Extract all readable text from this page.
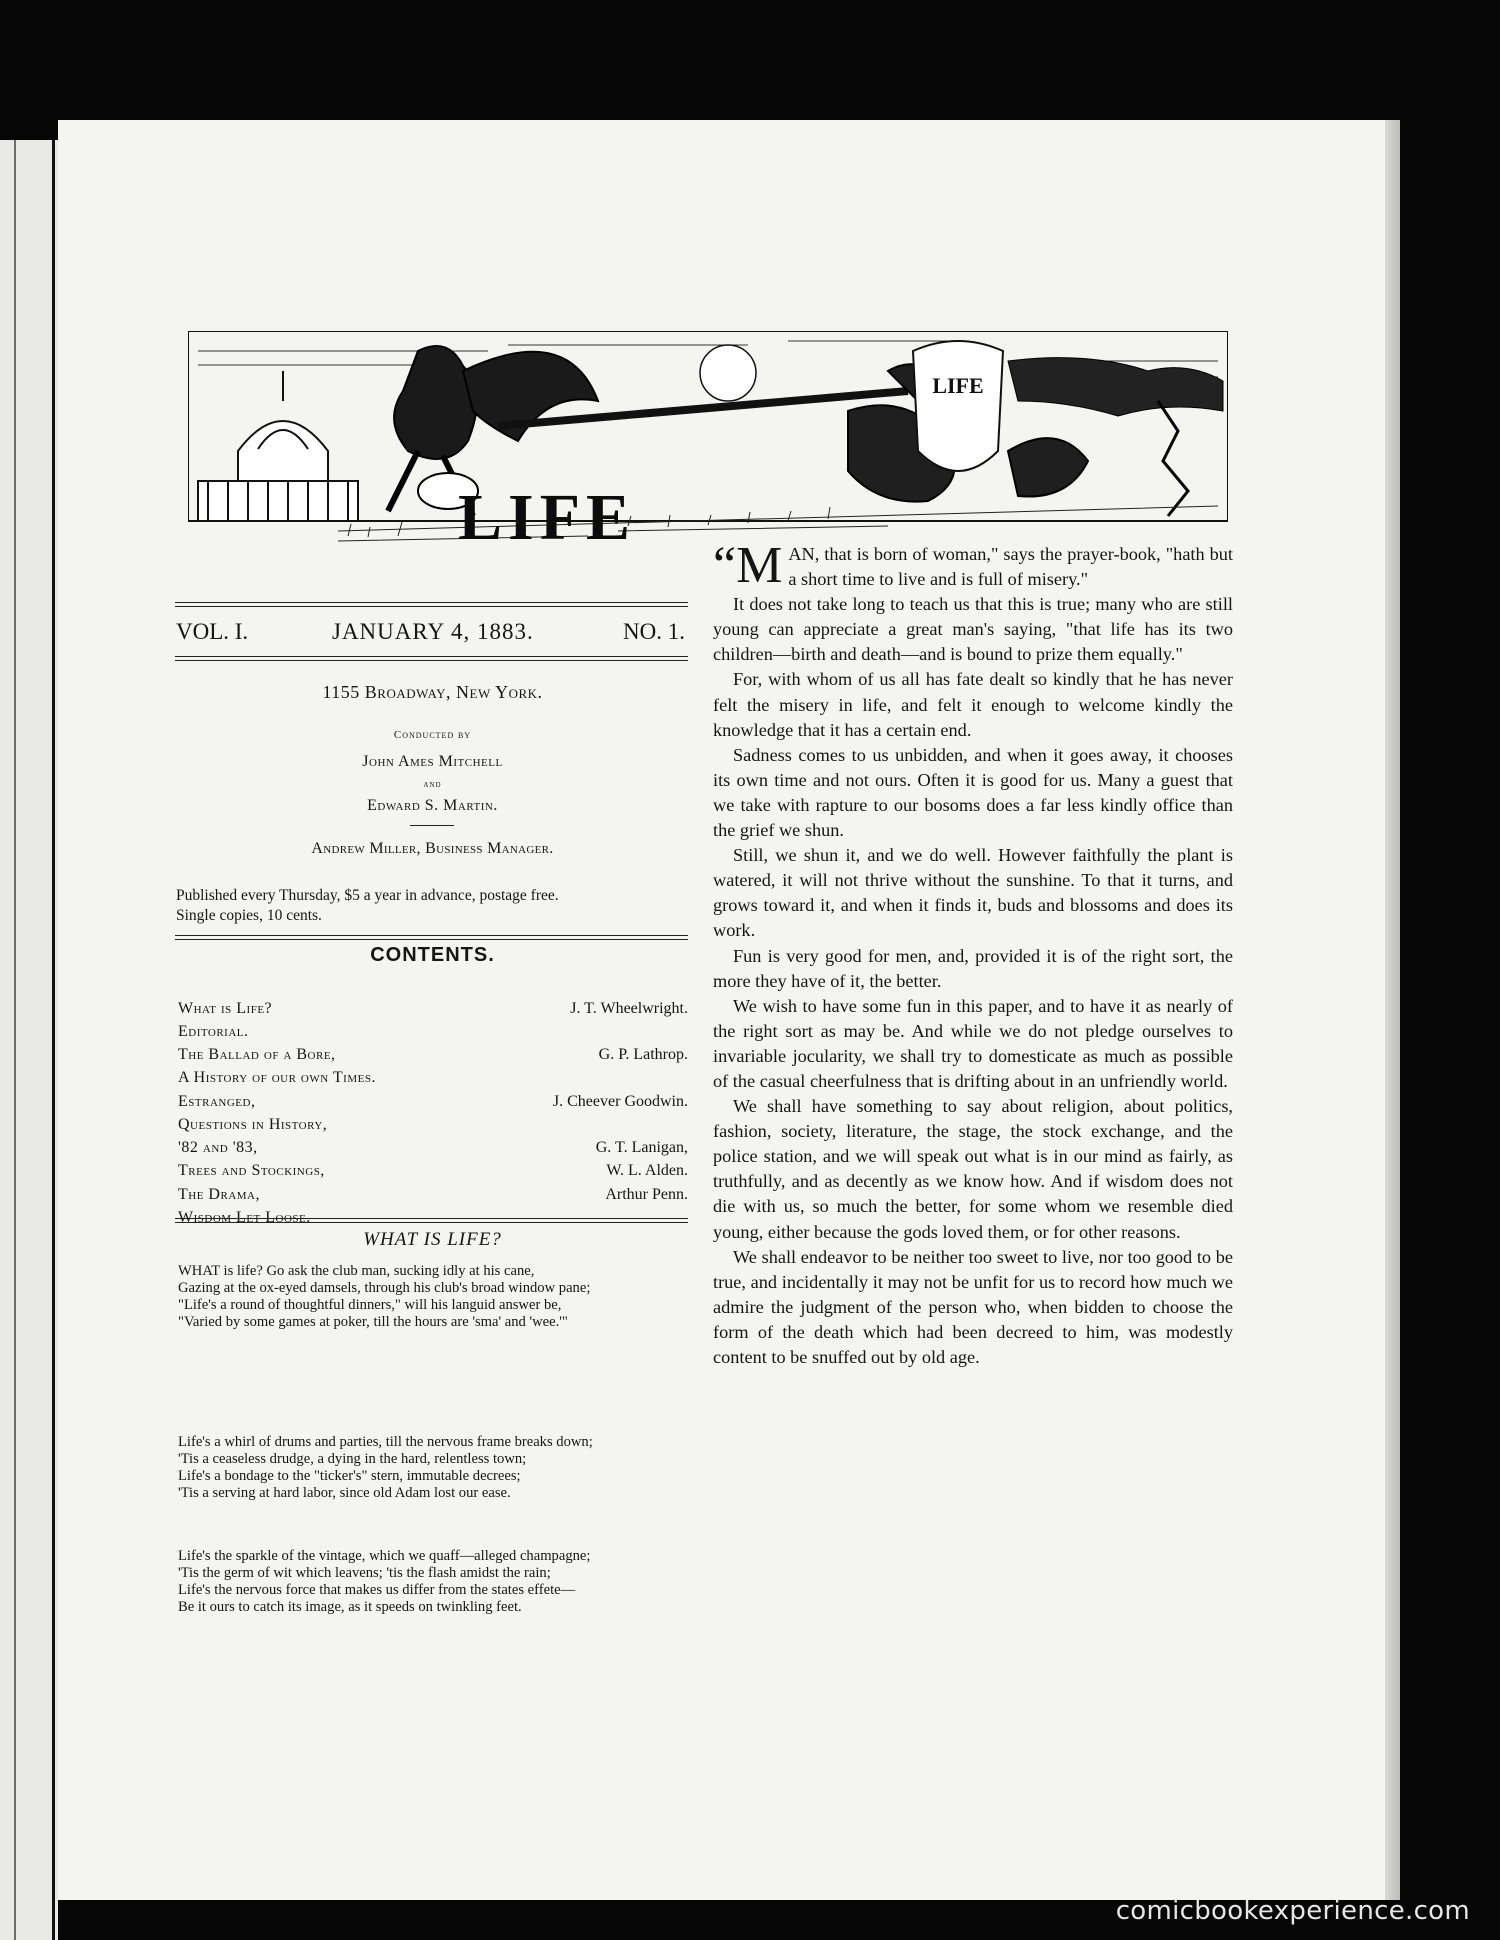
LIFE
LIFE
VOL. I.	JANUARY 4, 1883.	NO. 1.
1155 Broadway, New York.
Conducted by
John Ames Mitchell
and
Edward S. Martin.
Andrew Miller, Business Manager.
Published every Thursday, $5 a year in advance, postage free.
Single copies, 10 cents.
CONTENTS.
What is Life?	J. T. Wheelwright.
Editorial.
The Ballad of a Bore,	G. P. Lathrop.
A History of our own Times.
Estranged,	J. Cheever Goodwin.
Questions in History,
'82 and '83,	G. T. Lanigan,
Trees and Stockings,	W. L. Alden.
The Drama,	Arthur Penn.
Wisdom Let Loose.
WHAT IS LIFE?
WHAT is life? Go ask the club man, sucking idly at his cane,
Gazing at the ox-eyed damsels, through his club's broad window pane;
"Life's a round of thoughtful dinners," will his languid answer be,
"Varied by some games at poker, till the hours are 'sma' and 'wee.'"
Life's a whirl of drums and parties, till the nervous frame breaks down;
'Tis a ceaseless drudge, a dying in the hard, relentless town;
Life's a bondage to the "ticker's" stern, immutable decrees;
'Tis a serving at hard labor, since old Adam lost our ease.
Life's the sparkle of the vintage, which we quaff—alleged champagne;
'Tis the germ of wit which leavens; 'tis the flash amidst the rain;
Life's the nervous force that makes us differ from the states effete—
Be it ours to catch its image, as it speeds on twinkling feet.

“M AN, that is born of woman," says the prayer-book, "hath but a short time to live and is full of misery."

It does not take long to teach us that this is true; many who are still young can appreciate a great man's saying, "that life has its two children—birth and death—and is bound to prize them equally."

For, with whom of us all has fate dealt so kindly that he has never felt the misery in life, and felt it enough to welcome kindly the knowledge that it has a certain end.

Sadness comes to us unbidden, and when it goes away, it chooses its own time and not ours. Often it is good for us. Many a guest that we take with rapture to our bosoms does a far less kindly office than the grief we shun.

Still, we shun it, and we do well. However faithfully the plant is watered, it will not thrive without the sunshine. To that it turns, and grows toward it, and when it finds it, buds and blossoms and does its work.

Fun is very good for men, and, provided it is of the right sort, the more they have of it, the better.

We wish to have some fun in this paper, and to have it as nearly of the right sort as may be. And while we do not pledge ourselves to invariable jocularity, we shall try to domesticate as much as possible of the casual cheerfulness that is drifting about in an unfriendly world.

We shall have something to say about religion, about politics, fashion, society, literature, the stage, the stock exchange, and the police station, and we will speak out what is in our mind as fairly, as truthfully, and as decently as we know how. And if wisdom does not die with us, so much the better, for some whom we resemble died young, either because the gods loved them, or for other reasons.

We shall endeavor to be neither too sweet to live, nor too good to be true, and incidentally it may not be unfit for us to record how much we admire the judgment of the person who, when bidden to choose the form of the death which had been decreed to him, was modestly content to be snuffed out by old age.

comicbookexperience.com
